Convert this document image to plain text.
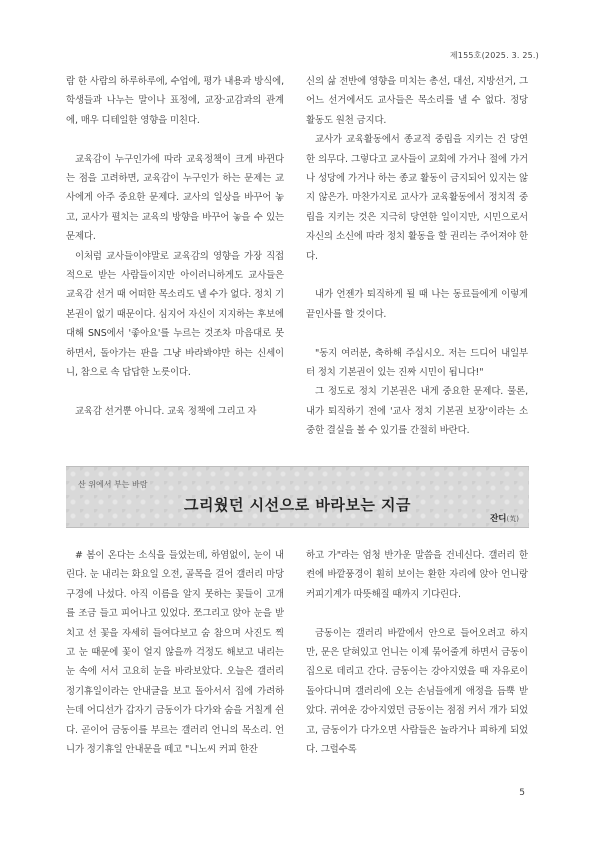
제155호(2025. 3. 25.)

람 한 사람의 하루하루에, 수업에, 평가 내용과 방식에, 학생들과 나누는 말이나 표정에, 교장·교감과의 관계에, 매우 디테일한 영향을 미친다.

교육감이 누구인가에 따라 교육정책이 크게 바뀐다는 점을 고려하면, 교육감이 누구인가 하는 문제는 교사에게 아주 중요한 문제다. 교사의 일상을 바꾸어 놓고, 교사가 펼치는 교육의 방향을 바꾸어 놓을 수 있는 문제다.

이처럼 교사들이야말로 교육감의 영향을 가장 직접적으로 받는 사람들이지만 아이러니하게도 교사들은 교육감 선거 때 어떠한 목소리도 낼 수가 없다. 정치 기본권이 없기 때문이다. 심지어 자신이 지지하는 후보에 대해 SNS에서 '좋아요'를 누르는 것조차 마음대로 못 하면서, 돌아가는 판을 그냥 바라봐야만 하는 신세이니, 참으로 속 답답한 노릇이다.

교육감 선거뿐 아니다. 교육 정책에 그리고 자

신의 삶 전반에 영향을 미치는 총선, 대선, 지방선거, 그 어느 선거에서도 교사들은 목소리를 낼 수 없다. 정당 활동도 원천 금지다.

교사가 교육활동에서 종교적 중립을 지키는 건 당연한 의무다. 그렇다고 교사들이 교회에 가거나 절에 가거나 성당에 가거나 하는 종교 활동이 금지되어 있지는 않지 않은가. 마찬가지로 교사가 교육활동에서 정치적 중립을 지키는 것은 지극히 당연한 일이지만, 시민으로서 자신의 소신에 따라 정치 활동을 할 권리는 주어져야 한다.

내가 언젠가 퇴직하게 될 때 나는 동료들에게 이렇게 끝인사를 할 것이다.

"동지 여러분, 축하해 주십시오. 저는 드디어 내일부터 정치 기본권이 있는 진짜 시민이 됩니다!"

그 정도로 정치 기본권은 내게 중요한 문제다. 물론, 내가 퇴직하기 전에 '교사 정치 기본권 보장'이라는 소중한 결실을 볼 수 있기를 간절히 바란다.

산 위에서 부는 바람
그리웠던 시선으로 바라보는 지금
잔디(芄)

# 봄이 온다는 소식을 들었는데, 하염없이, 눈이 내린다. 눈 내리는 화요일 오전, 골목을 걸어 갤러리 마당 구경에 나섰다. 아직 이름을 알지 못하는 꽃들이 고개를 조금 들고 피어나고 있었다. 쪼그리고 앉아 눈을 받치고 선 꽃을 자세히 들여다보고 숨 참으며 사진도 찍고 눈 때문에 꽃이 얼지 않을까 걱정도 해보고 내리는 눈 속에 서서 고요히 눈을 바라보았다. 오늘은 갤러리 정기휴일이라는 안내글을 보고 돌아서서 집에 가려하는데 어디선가 갑자기 금동이가 다가와 숨을 거칠게 쉰다. 곧이어 금동이를 부르는 갤러리 언니의 목소리. 언니가 정기휴일 안내문을 떼고 "니노씨 커피 한잔

하고 가"라는 엄청 반가운 말씀을 건네신다. 갤러리 한 켠에 바깥풍경이 훤히 보이는 환한 자리에 앉아 언니랑 커피기계가 따뜻해질 때까지 기다린다.

금동이는 갤러리 바깥에서 안으로 들어오려고 하지만, 문은 닫혀있고 언니는 이제 묶어줄게 하면서 금동이집으로 데리고 간다. 금동이는 강아지였을 때 자유로이 돌아다니며 갤러리에 오는 손님들에게 애정을 듬뿍 받았다. 귀여운 강아지였던 금동이는 점점 커서 개가 되었고, 금동이가 다가오면 사람들은 놀라거나 피하게 되었다. 그럴수록

5
